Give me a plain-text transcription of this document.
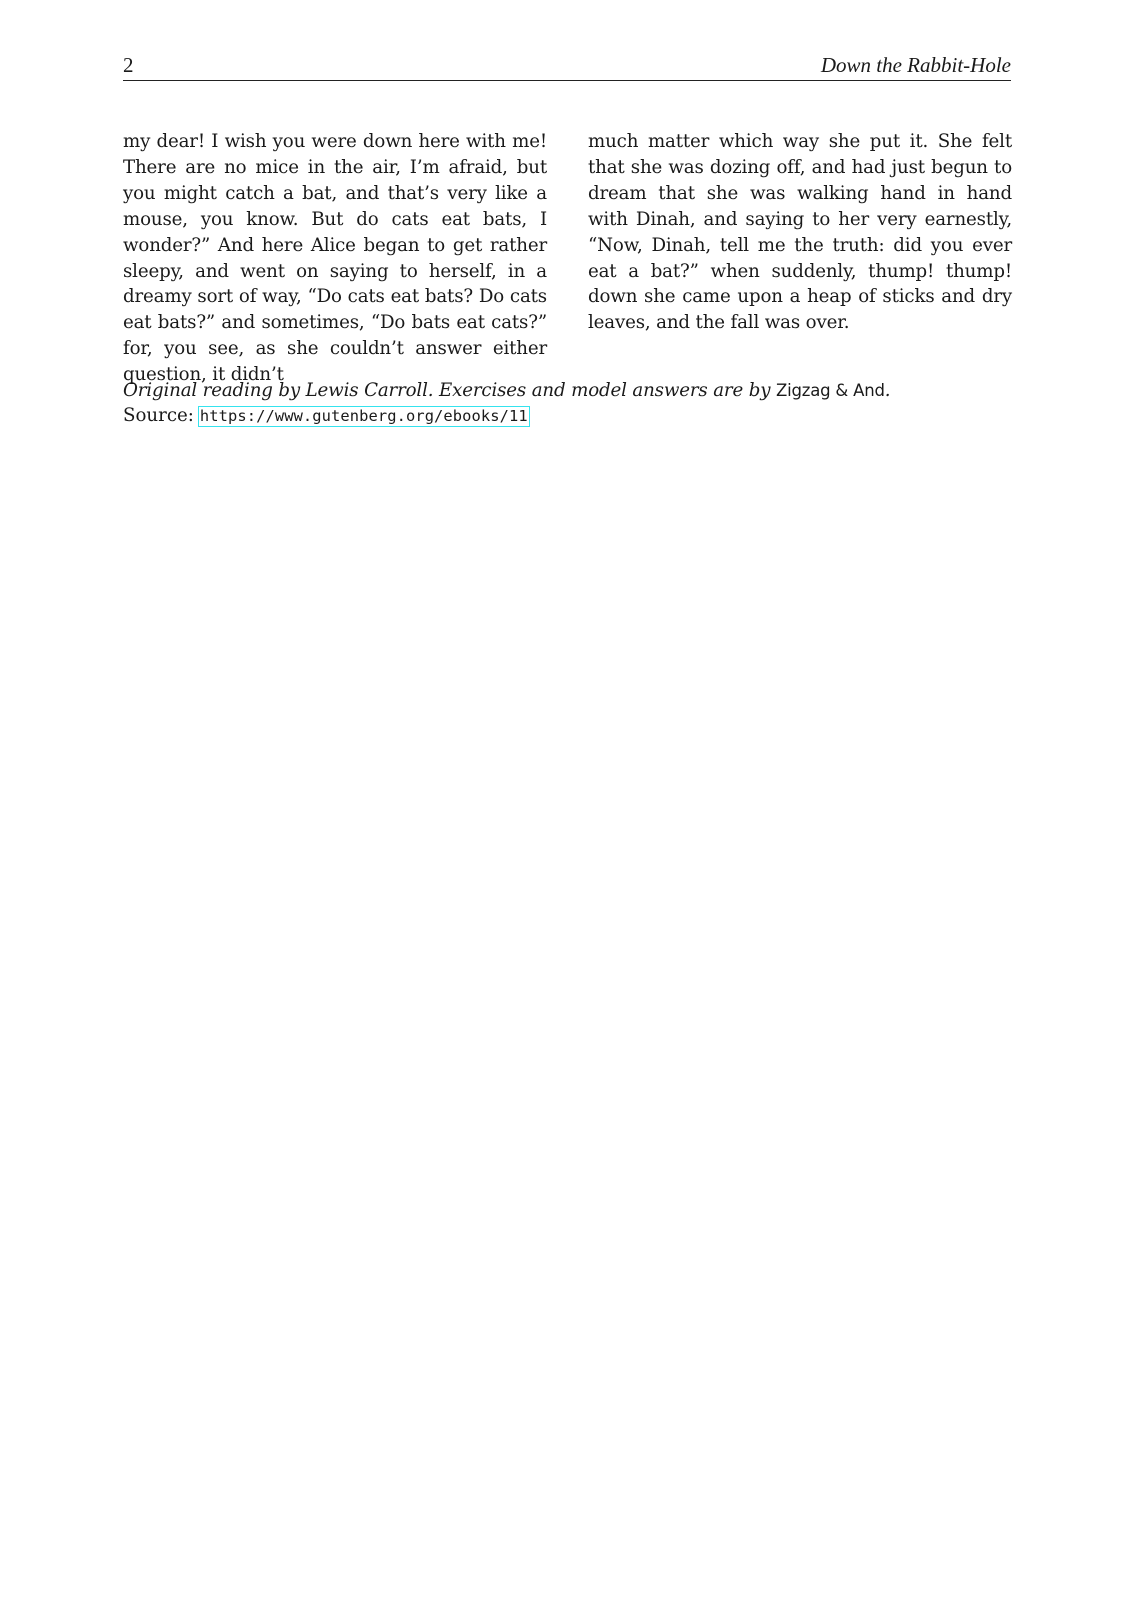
2	Down the Rabbit-Hole

my dear! I wish you were down here with me! There are no mice in the air, I’m afraid, but you might catch a bat, and that’s very like a mouse, you know. But do cats eat bats, I wonder?” And here Alice began to get rather sleepy, and went on saying to herself, in a dreamy sort of way, “Do cats eat bats? Do cats eat bats?” and sometimes, “Do bats eat cats?” for, you see, as she couldn’t answer either question, it didn’t

much matter which way she put it. She felt that she was dozing off, and had just begun to dream that she was walking hand in hand with Dinah, and saying to her very earnestly, “Now, Dinah, tell me the truth: did you ever eat a bat?” when suddenly, thump! thump! down she came upon a heap of sticks and dry leaves, and the fall was over.

Original reading by Lewis Carroll. Exercises and model answers are by Zigzag & And.
Source: https://www.gutenberg.org/ebooks/11
